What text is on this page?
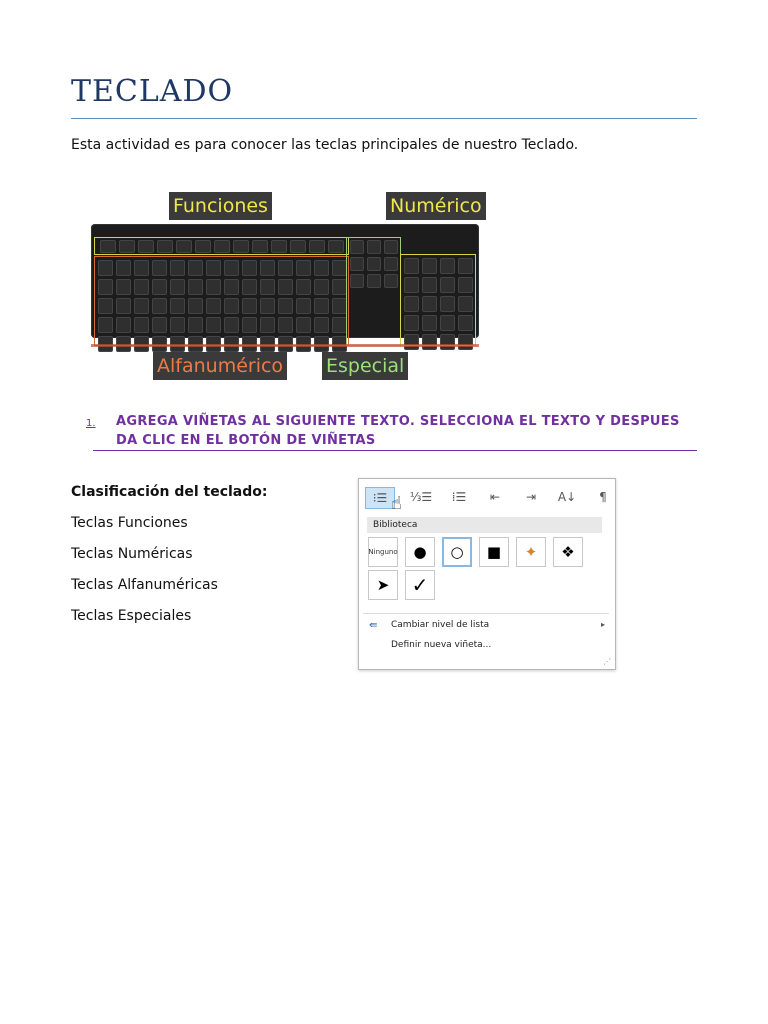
TECLADO

Esta actividad es para conocer las teclas principales de nuestro Teclado.

Funciones	Numérico
Alfanumérico Especial
1. AGREGA VIÑETAS AL SIGUIENTE TEXTO. SELECCIONA EL TEXTO Y DESPUES DA CLIC EN EL BOTÓN DE VIÑETAS

Clasificación del teclado:

Teclas Funciones

Teclas Numéricas

Teclas Alfanuméricas

Teclas Especiales

⁝☰	⅓☰	⁞☰	⇤	⇥	A↓	¶
☝
Biblioteca
Ninguno	●	○	■	✦	❖
➤	✓
⇚ Cambiar nivel de lista	▸
Definir nueva viñeta...
⋰
